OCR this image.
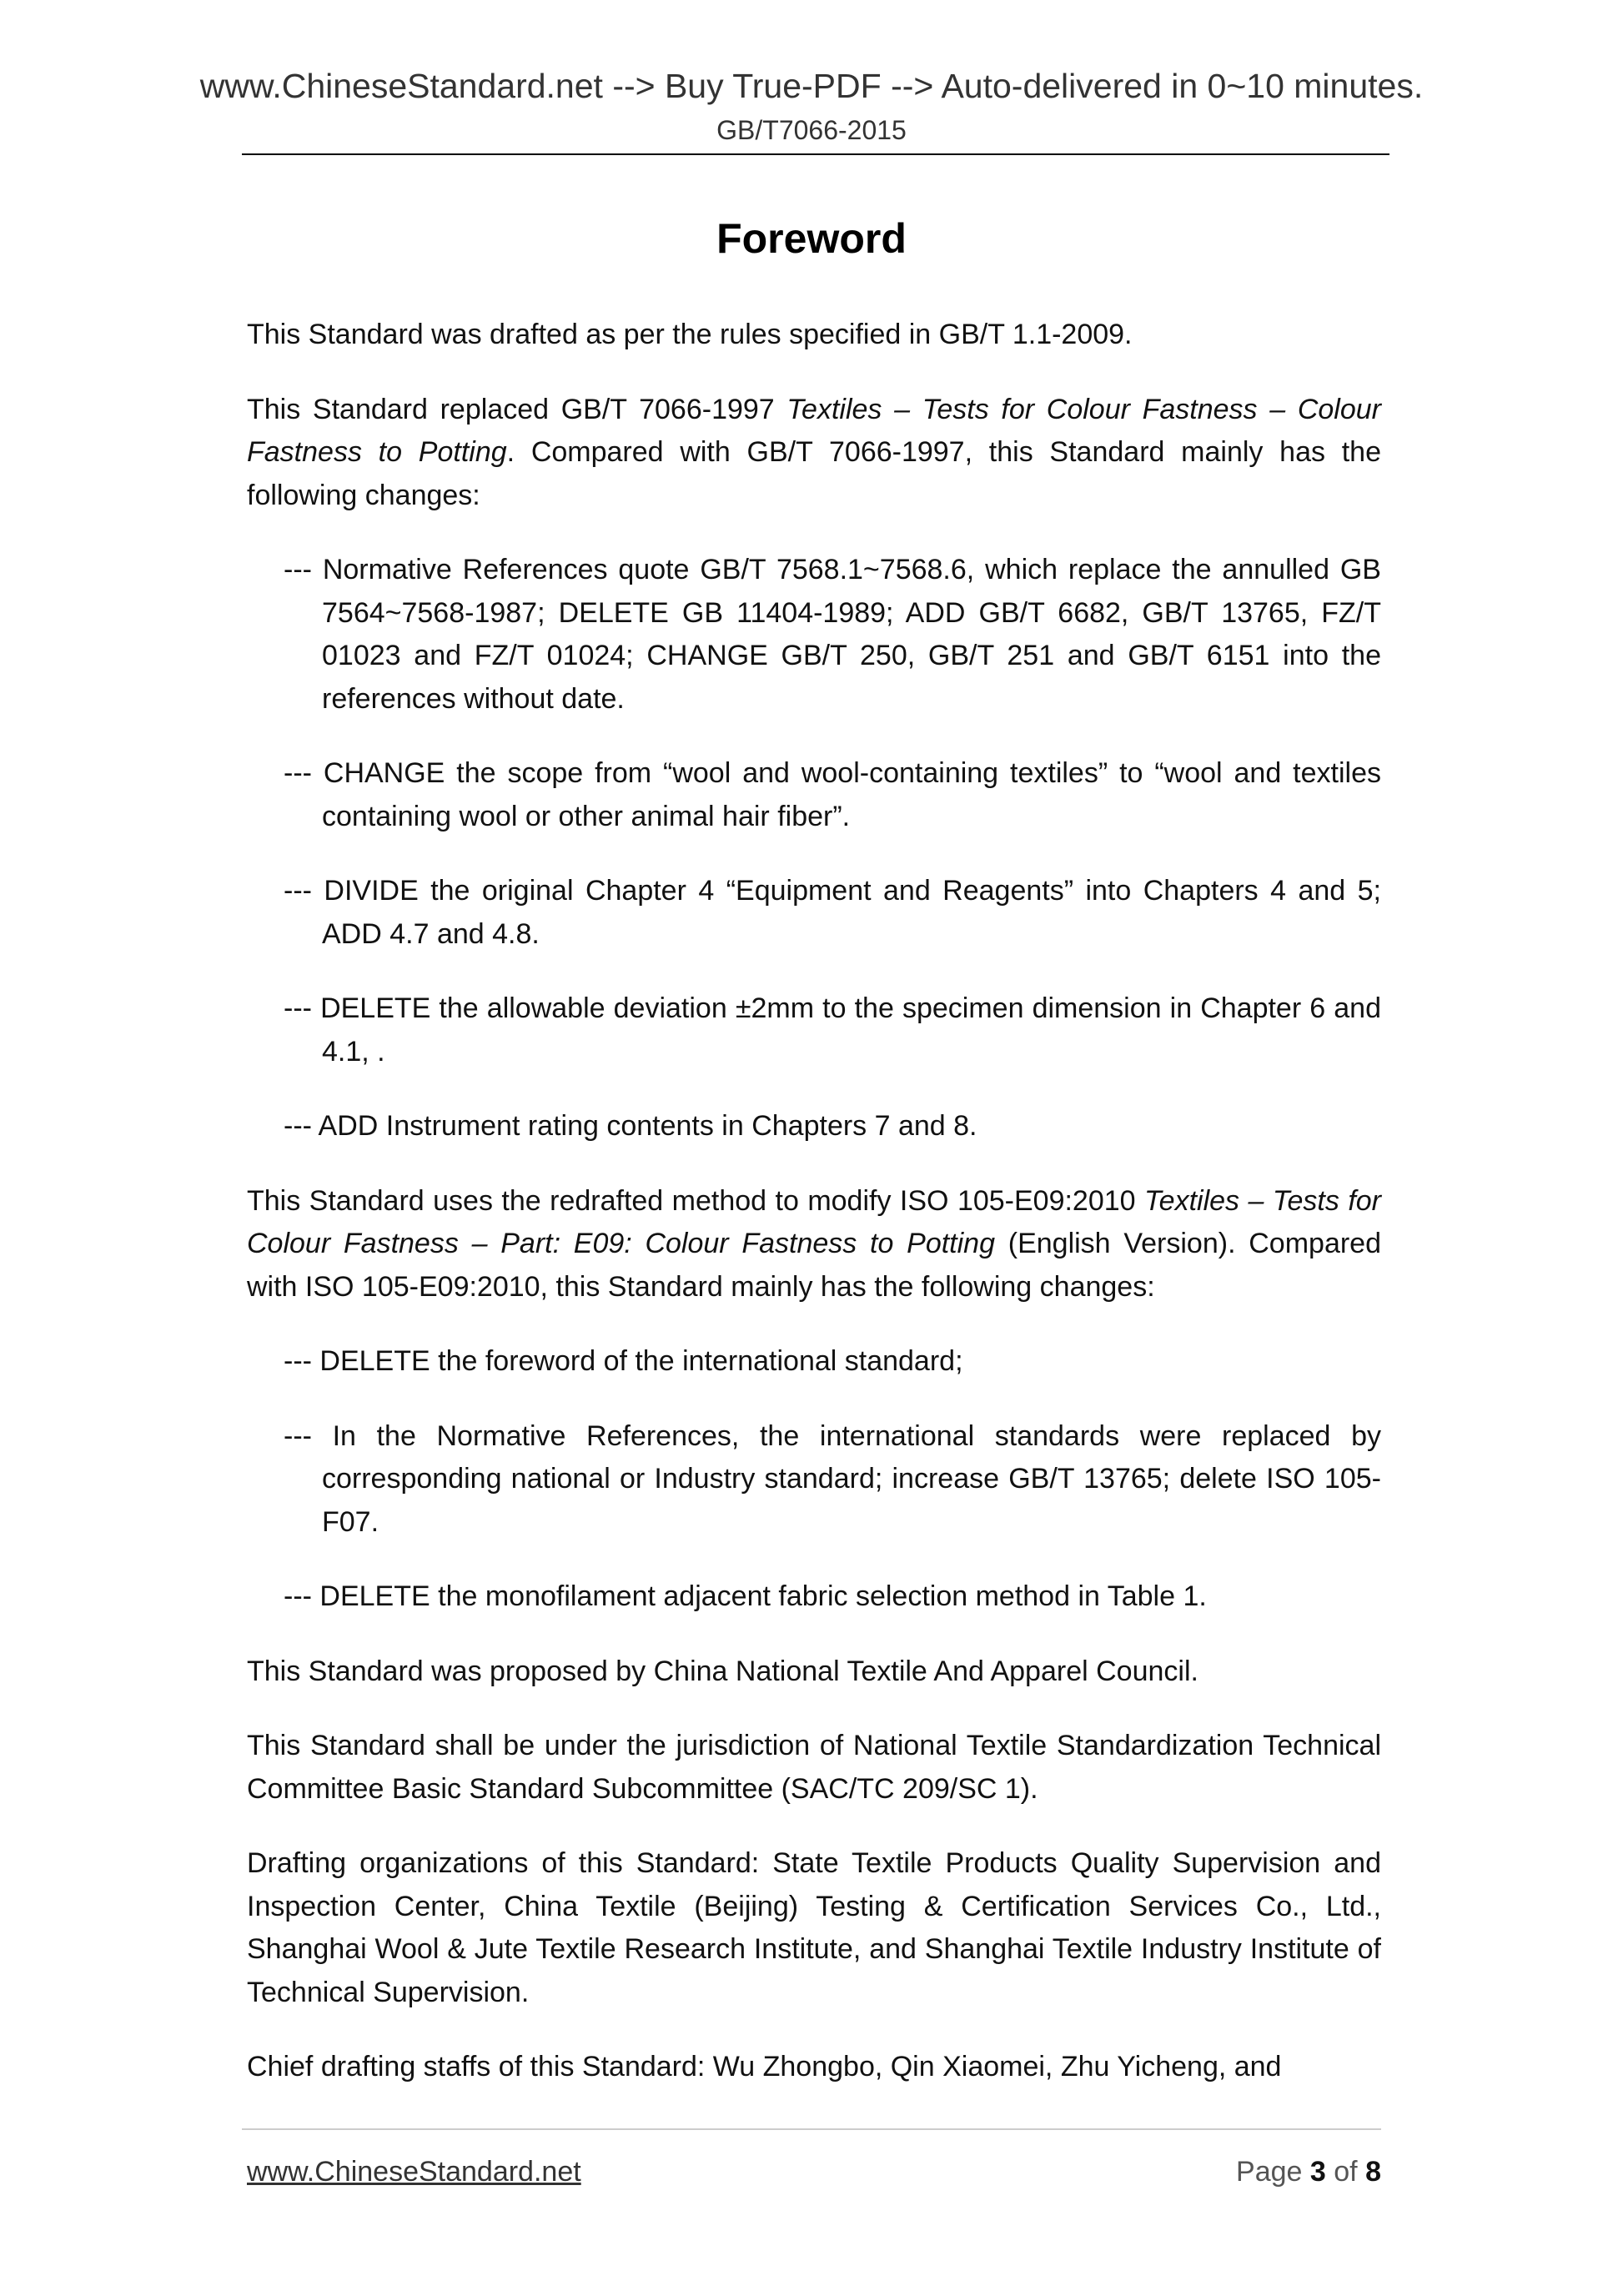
www.ChineseStandard.net --> Buy True-PDF --> Auto-delivered in 0~10 minutes.
GB/T7066-2015
Foreword

This Standard was drafted as per the rules specified in GB/T 1.1-2009.

This Standard replaced GB/T 7066-1997 Textiles – Tests for Colour Fastness – Colour Fastness to Potting. Compared with GB/T 7066-1997, this Standard mainly has the following changes:

--- Normative References quote GB/T 7568.1~7568.6, which replace the annulled GB 7564~7568-1987; DELETE GB 11404-1989; ADD GB/T 6682, GB/T 13765, FZ/T 01023 and FZ/T 01024; CHANGE GB/T 250, GB/T 251 and GB/T 6151 into the references without date.
--- CHANGE the scope from “wool and wool-containing textiles” to “wool and textiles containing wool or other animal hair fiber”.
--- DIVIDE the original Chapter 4 “Equipment and Reagents” into Chapters 4 and 5; ADD 4.7 and 4.8.
--- DELETE the allowable deviation ±2mm to the specimen dimension in Chapter 6 and 4.1, .
--- ADD Instrument rating contents in Chapters 7 and 8.

This Standard uses the redrafted method to modify ISO 105-E09:2010 Textiles – Tests for Colour Fastness – Part: E09: Colour Fastness to Potting (English Version). Compared with ISO 105-E09:2010, this Standard mainly has the following changes:

--- DELETE the foreword of the international standard;
--- In the Normative References, the international standards were replaced by corresponding national or Industry standard; increase GB/T 13765; delete ISO 105-F07.
--- DELETE the monofilament adjacent fabric selection method in Table 1.

This Standard was proposed by China National Textile And Apparel Council.

This Standard shall be under the jurisdiction of National Textile Standardization Technical Committee Basic Standard Subcommittee (SAC/TC 209/SC 1).

Drafting organizations of this Standard: State Textile Products Quality Supervision and Inspection Center, China Textile (Beijing) Testing & Certification Services Co., Ltd., Shanghai Wool & Jute Textile Research Institute, and Shanghai Textile Industry Institute of Technical Supervision.

Chief drafting staffs of this Standard: Wu Zhongbo, Qin Xiaomei, Zhu Yicheng, and

www.ChineseStandard.net	Page 3 of 8
